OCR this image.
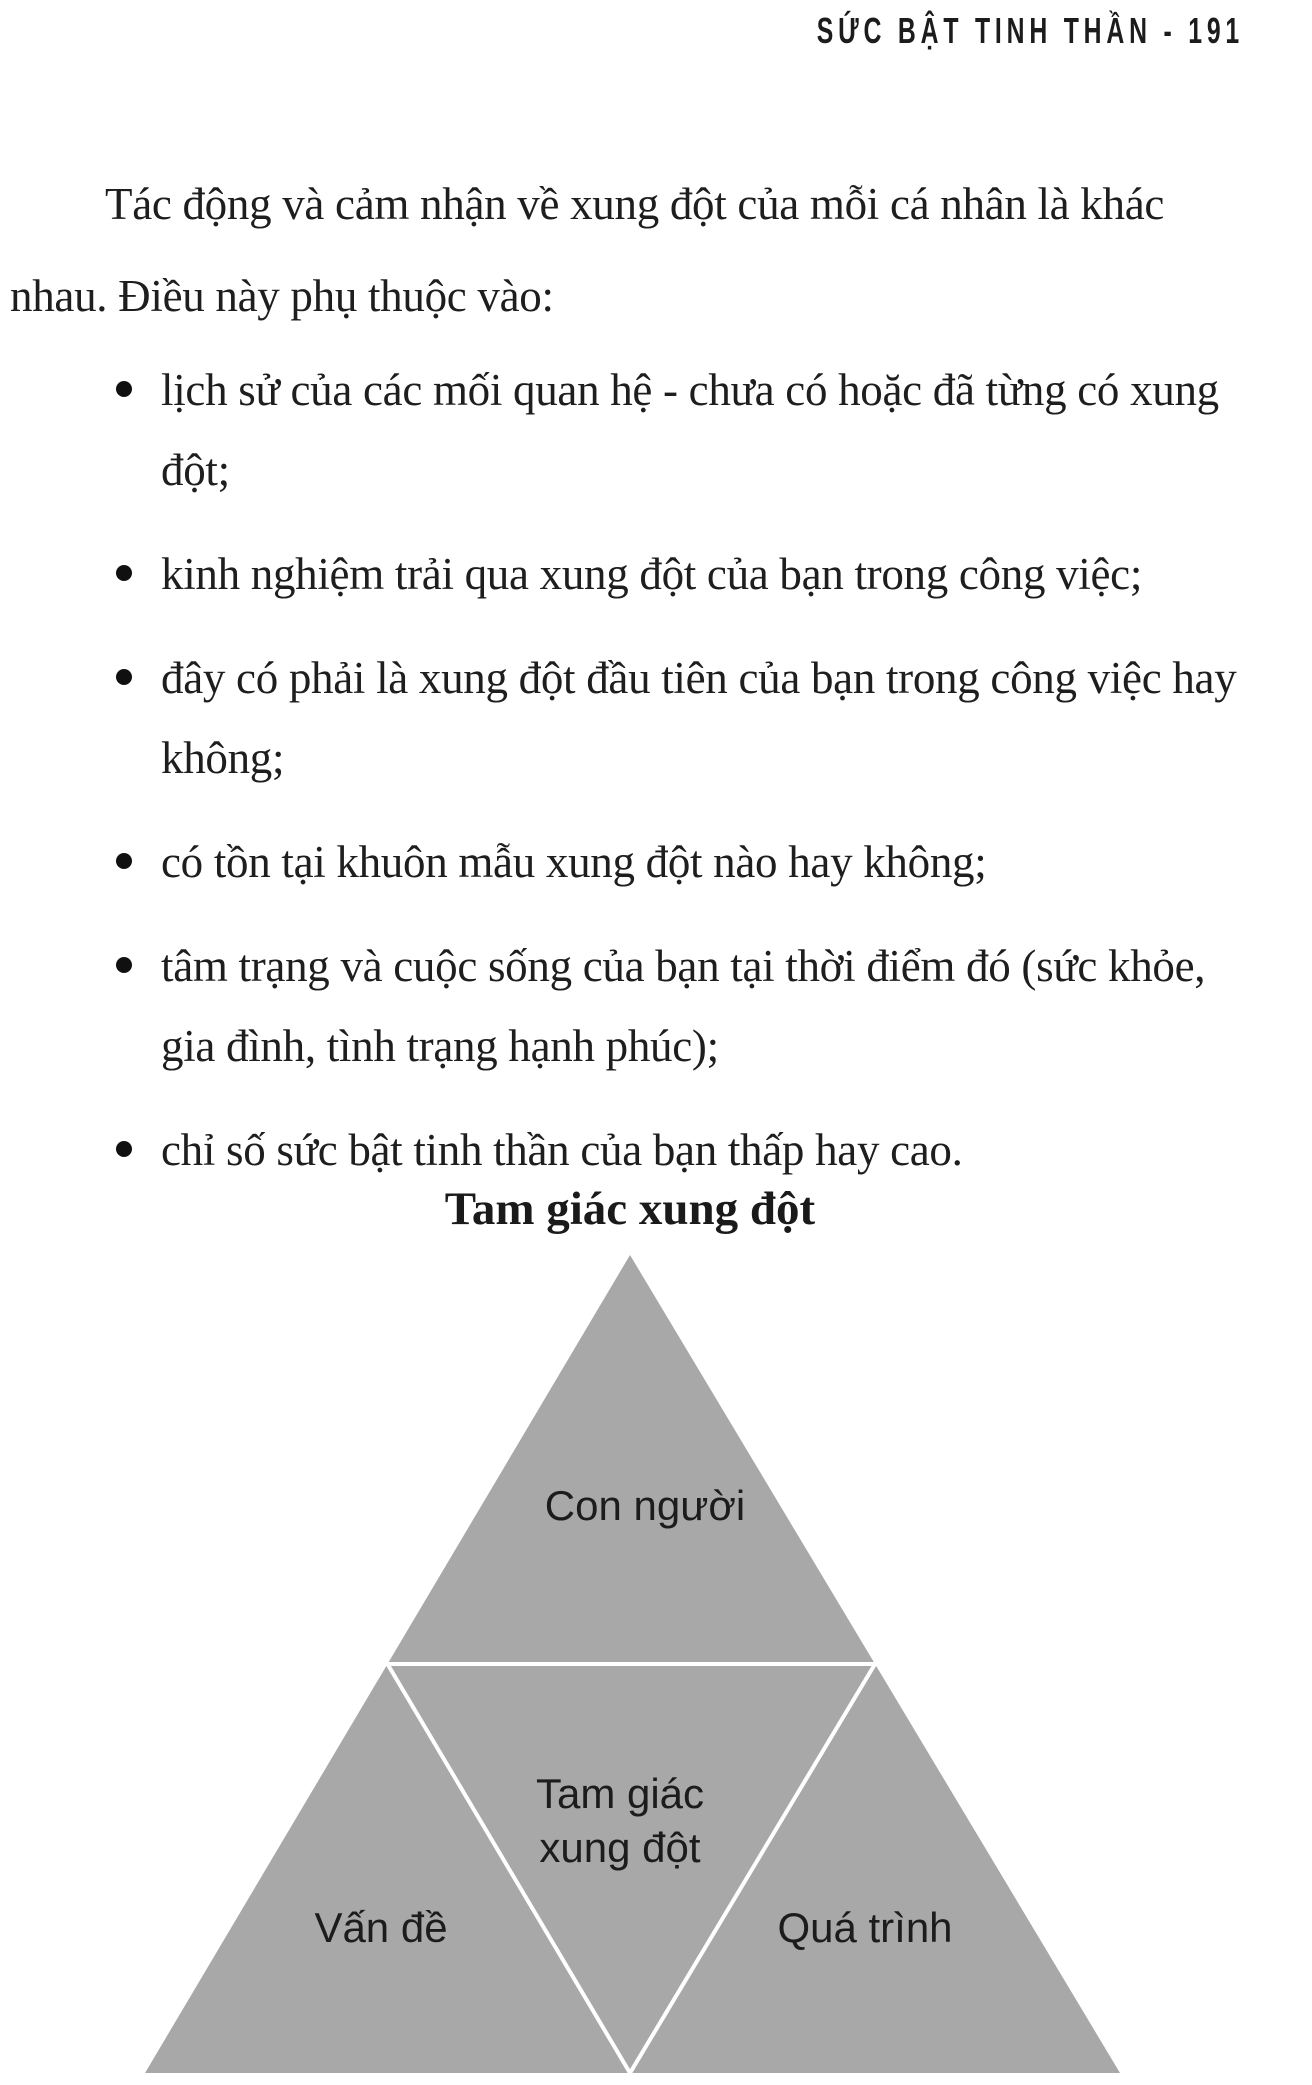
SỨC BẬT TINH THẦN - 191

Tác động và cảm nhận về xung đột của mỗi cá nhân là khác nhau. Điều này phụ thuộc vào:

lịch sử của các mối quan hệ - chưa có hoặc đã từng có xung đột;
kinh nghiệm trải qua xung đột của bạn trong công việc;
đây có phải là xung đột đầu tiên của bạn trong công việc hay không;
có tồn tại khuôn mẫu xung đột nào hay không;
tâm trạng và cuộc sống của bạn tại thời điểm đó (sức khỏe, gia đình, tình trạng hạnh phúc);
chỉ số sức bật tinh thần của bạn thấp hay cao.
Tam giác xung đột
Con người
Tam giác
xung đột
Vấn đề	Quá trình
